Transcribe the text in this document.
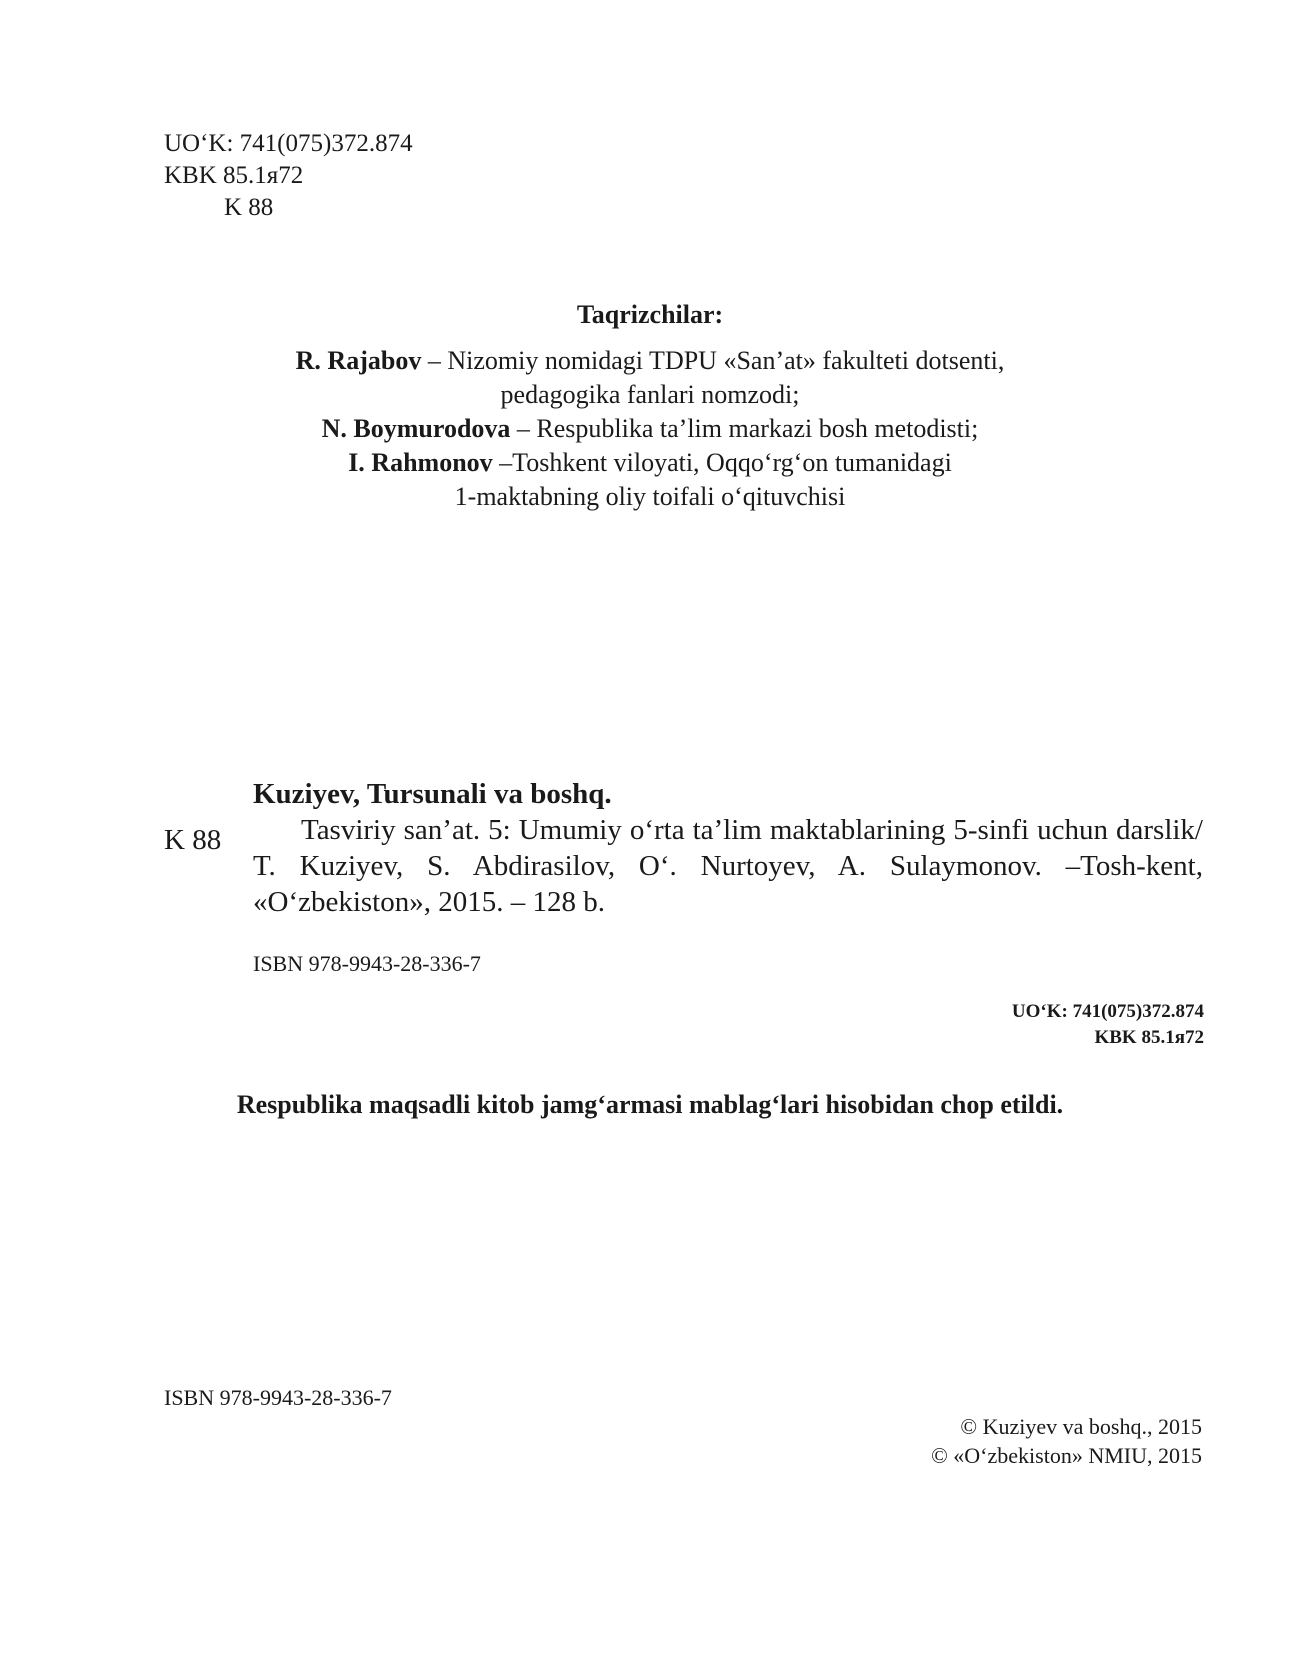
UO‘K: 741(075)372.874
KBK 85.1я72
K 88
Taqrizchilar:
R. Rajabov – Nizomiy nomidagi TDPU «San’at» fakulteti dotsenti,
pedagogika fanlari nomzodi;
N. Boymurodova – Respublika ta’lim markazi bosh metodisti;
I. Rahmonov –Toshkent viloyati, Oqqo‘rg‘on tumanidagi
1-maktabning oliy toifali o‘qituvchisi
K 88
Kuziyev, Tursunali va boshq.
Tasviriy san’at. 5: Umumiy o‘rta ta’lim maktablarining 5-sinfi uchun darslik/ T. Kuziyev, S. Abdirasilov, O‘. Nurtoyev, A. Sulaymonov. –Tosh-kent, «O‘zbekiston», 2015. – 128 b.
ISBN 978-9943-28-336-7
UO‘K: 741(075)372.874
KBK 85.1я72
Respublika maqsadli kitob jamg‘armasi mablag‘lari hisobidan chop etildi.
ISBN 978-9943-28-336-7
© Kuziyev va boshq., 2015
© «O‘zbekiston» NMIU, 2015
